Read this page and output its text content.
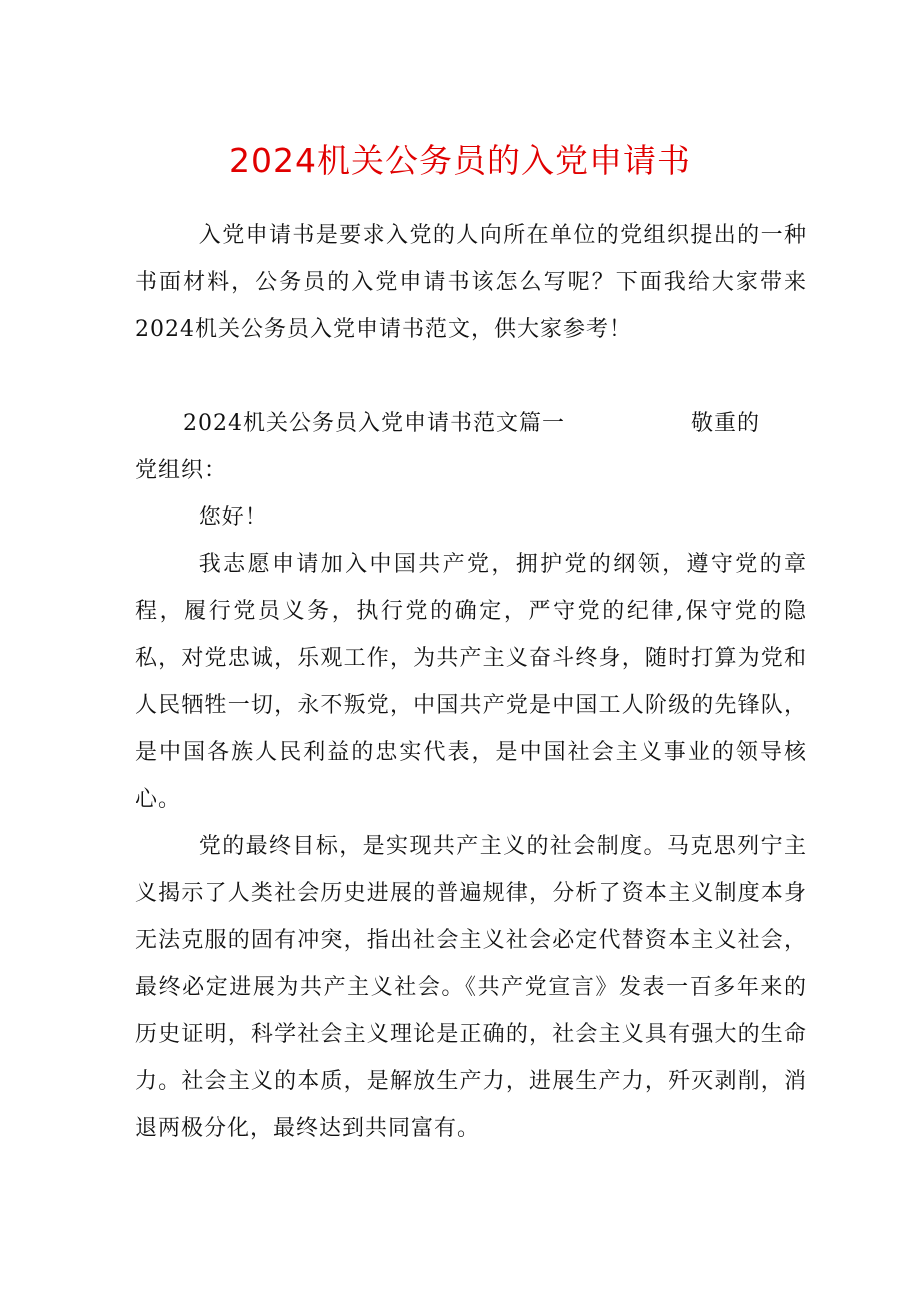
2024机关公务员的入党申请书

入党申请书是要求入党的人向所在单位的党组织提出的一种书面材料，公务员的入党申请书该怎么写呢？下面我给大家带来2024机关公务员入党申请书范文，供大家参考！

2024机关公务员入党申请书范文篇一	敬重的

党组织：

您好！

我志愿申请加入中国共产党，拥护党的纲领，遵守党的章程，履行党员义务，执行党的确定，严守党的纪律,保守党的隐私，对党忠诚，乐观工作，为共产主义奋斗终身，随时打算为党和人民牺牲一切，永不叛党，中国共产党是中国工人阶级的先锋队，是中国各族人民利益的忠实代表，是中国社会主义事业的领导核心。

党的最终目标，是实现共产主义的社会制度。马克思列宁主义揭示了人类社会历史进展的普遍规律，分析了资本主义制度本身无法克服的固有冲突，指出社会主义社会必定代替资本主义社会，最终必定进展为共产主义社会。《共产党宣言》发表一百多年来的历史证明，科学社会主义理论是正确的，社会主义具有强大的生命力。社会主义的本质，是解放生产力，进展生产力，歼灭剥削，消退两极分化，最终达到共同富有。
